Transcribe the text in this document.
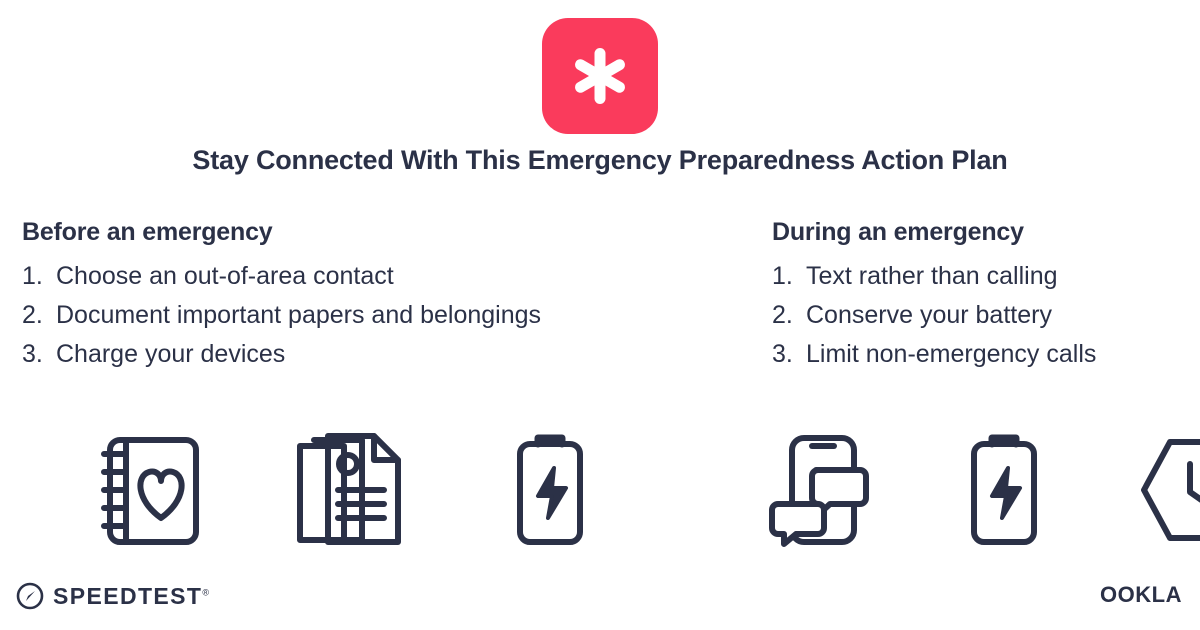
Stay Connected With This Emergency Preparedness Action Plan
Before an emergency
1. Choose an out-of-area contact
2. Document important papers and belongings
3. Charge your devices
During an emergency
1. Text rather than calling
2. Conserve your battery
3. Limit non-emergency calls
SPEEDTEST®	OOKLA
